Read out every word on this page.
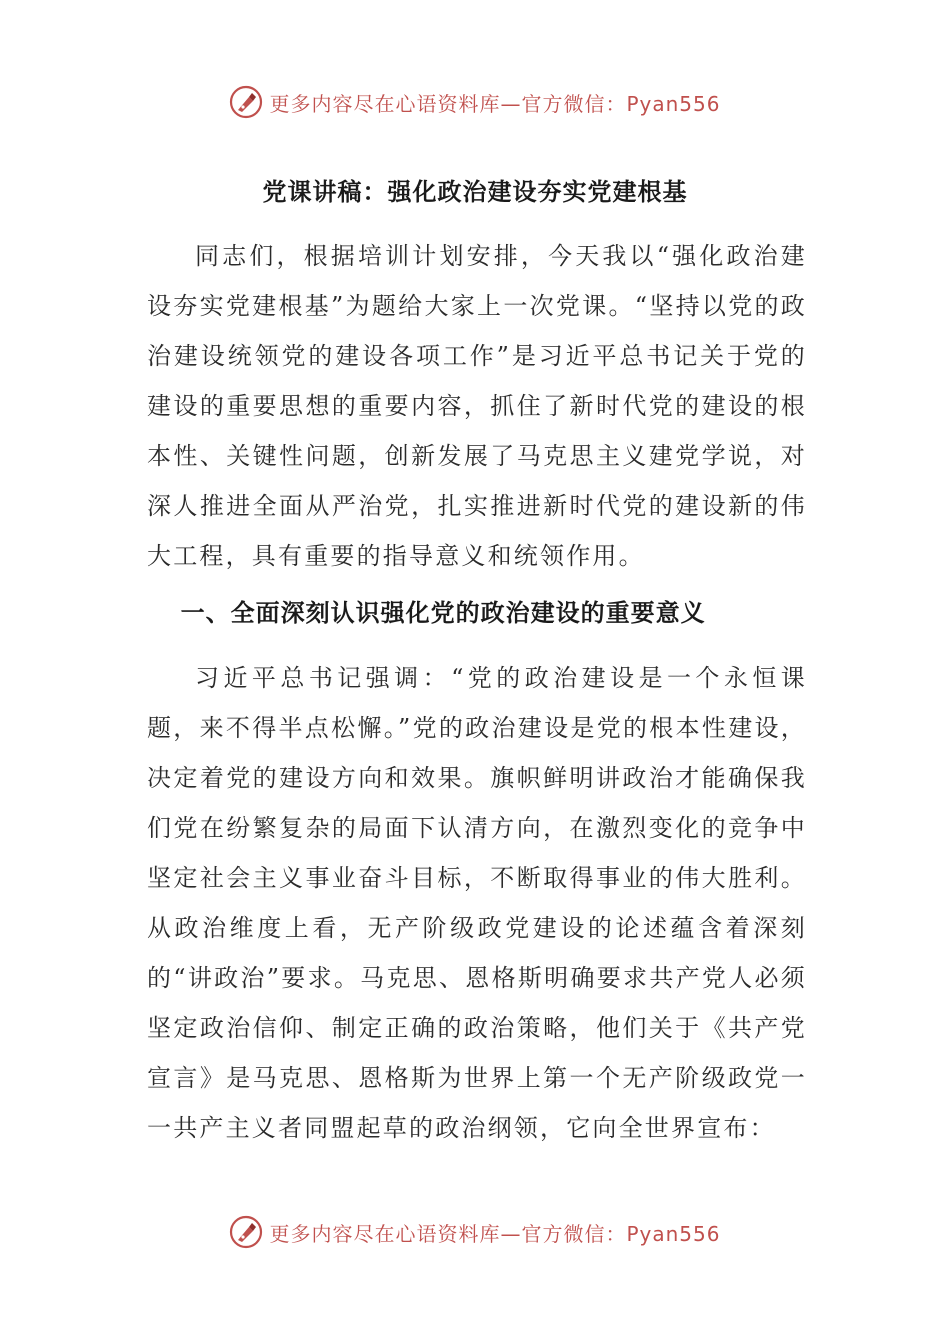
更多内容尽在心语资料库—官方微信：Pyan556
党课讲稿：强化政治建设夯实党建根基

同志们，根据培训计划安排，今天我以“强化政治建设夯实党建根基”为题给大家上一次党课。“坚持以党的政治建设统领党的建设各项工作”是习近平总书记关于党的建设的重要思想的重要内容，抓住了新时代党的建设的根本性、关键性问题，创新发展了马克思主义建党学说，对深人推进全面从严治党，扎实推进新时代党的建设新的伟大工程，具有重要的指导意义和统领作用。

一、全面深刻认识强化党的政治建设的重要意义

习近平总书记强调：“党的政治建设是一个永恒课题，来不得半点松懈。”党的政治建设是党的根本性建设，决定着党的建设方向和效果。旗帜鲜明讲政治才能确保我们党在纷繁复杂的局面下认清方向，在激烈变化的竞争中坚定社会主义事业奋斗目标，不断取得事业的伟大胜利。从政治维度上看，无产阶级政党建设的论述蕴含着深刻的“讲政治”要求。马克思、恩格斯明确要求共产党人必须坚定政治信仰、制定正确的政治策略，他们关于《共产党宣言》是马克思、恩格斯为世界上第一个无产阶级政党一一共产主义者同盟起草的政治纲领，它向全世界宣布：

更多内容尽在心语资料库—官方微信：Pyan556
